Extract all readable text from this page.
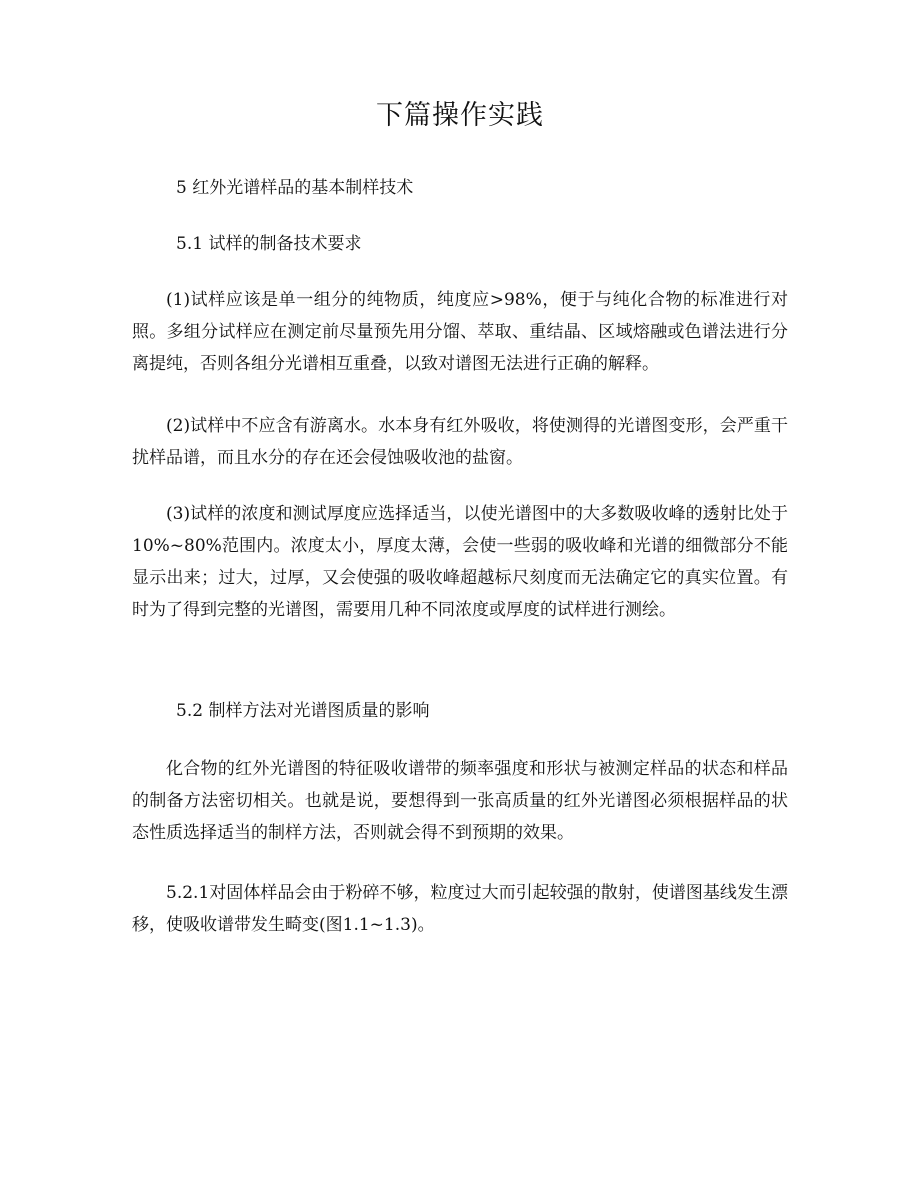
下篇操作实践

5 红外光谱样品的基本制样技术

5.1 试样的制备技术要求

(1)试样应该是单一组分的纯物质，纯度应>98%，便于与纯化合物的标准进行对照。多组分试样应在测定前尽量预先用分馏、萃取、重结晶、区域熔融或色谱法进行分离提纯，否则各组分光谱相互重叠，以致对谱图无法进行正确的解释。

(2)试样中不应含有游离水。水本身有红外吸收，将使测得的光谱图变形，会严重干扰样品谱，而且水分的存在还会侵蚀吸收池的盐窗。

(3)试样的浓度和测试厚度应选择适当，以使光谱图中的大多数吸收峰的透射比处于10%~80%范围内。浓度太小，厚度太薄，会使一些弱的吸收峰和光谱的细微部分不能显示出来；过大，过厚，又会使强的吸收峰超越标尺刻度而无法确定它的真实位置。有时为了得到完整的光谱图，需要用几种不同浓度或厚度的试样进行测绘。

5.2 制样方法对光谱图质量的影响

化合物的红外光谱图的特征吸收谱带的频率强度和形状与被测定样品的状态和样品的制备方法密切相关。也就是说，要想得到一张高质量的红外光谱图必须根据样品的状态性质选择适当的制样方法，否则就会得不到预期的效果。

5.2.1对固体样品会由于粉碎不够，粒度过大而引起较强的散射，使谱图基线发生漂移，使吸收谱带发生畸变(图1.1~1.3)。
